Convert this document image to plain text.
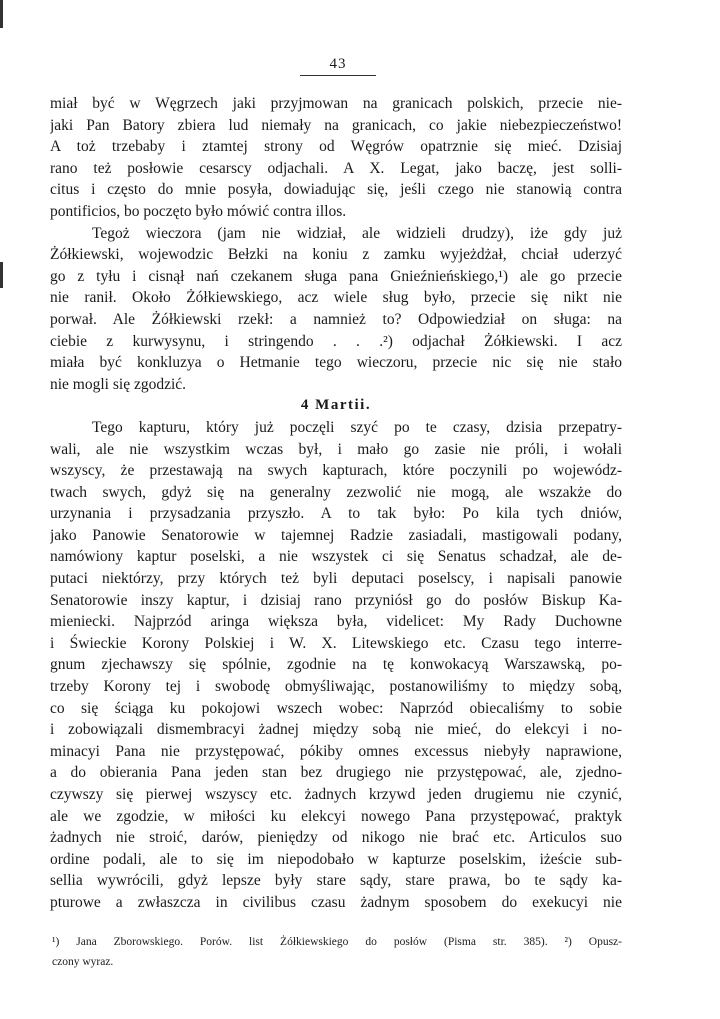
43
miał być w Węgrzech jaki przyjmowan na granicach polskich, przecie nie-
jaki Pan Batory zbiera lud niemały na granicach, co jakie niebezpieczeństwo!
A toż trzebaby i ztamtej strony od Węgrów opatrznie się mieć. Dzisiaj
rano też posłowie cesarscy odjachali. A X. Legat, jako baczę, jest solli-
citus i często do mnie posyła, dowiadując się, jeśli czego nie stanowią contra
pontificios, bo poczęto było mówić contra illos.
Tegoż wieczora (jam nie widział, ale widzieli drudzy), iże gdy już
Żółkiewski, wojewodzic Bełzki na koniu z zamku wyjeżdżał, chciał uderzyć
go z tyłu i cisnął nań czekanem sługa pana Gnieźnieńskiego,¹) ale go przecie
nie ranił. Około Żółkiewskiego, acz wiele sług było, przecie się nikt nie
porwał. Ale Żółkiewski rzekł: a namnież to? Odpowiedział on sługa: na
ciebie z kurwysynu, i stringendo . . .²) odjachał Żółkiewski. I acz
miała być konkluzya o Hetmanie tego wieczoru, przecie nic się nie stało
nie mogli się zgodzić.
4 Martii.
Tego kapturu, który już poczęli szyć po te czasy, dzisia przepatry-
wali, ale nie wszystkim wczas był, i mało go zasie nie próli, i wołali
wszyscy, że przestawają na swych kapturach, które poczynili po wojewódz-
twach swych, gdyż się na generalny zezwolić nie mogą, ale wszakże do
urzynania i przysadzania przyszło. A to tak było: Po kila tych dniów,
jako Panowie Senatorowie w tajemnej Radzie zasiadali, mastigowali podany,
namówiony kaptur poselski, a nie wszystek ci się Senatus schadzał, ale de-
putaci niektórzy, przy których też byli deputaci poselscy, i napisali panowie
Senatorowie inszy kaptur, i dzisiaj rano przyniósł go do posłów Biskup Ka-
mieniecki. Najprzód aringa większa była, videlicet: My Rady Duchowne
i Świeckie Korony Polskiej i W. X. Litewskiego etc. Czasu tego interre-
gnum zjechawszy się spólnie, zgodnie na tę konwokacyą Warszawską, po-
trzeby Korony tej i swobodę obmyśliwając, postanowiliśmy to między sobą,
co się ściąga ku pokojowi wszech wobec: Naprzód obiecaliśmy to sobie
i zobowiązali dismembracyi żadnej między sobą nie mieć, do elekcyi i no-
minacyi Pana nie przystępować, pókiby omnes excessus niebyły naprawione,
a do obierania Pana jeden stan bez drugiego nie przystępować, ale, zjedno-
czywszy się pierwej wszyscy etc. żadnych krzywd jeden drugiemu nie czynić,
ale we zgodzie, w miłości ku elekcyi nowego Pana przystępować, praktyk
żadnych nie stroić, darów, pieniędzy od nikogo nie brać etc. Articulos suo
ordine podali, ale to się im niepodobało w kapturze poselskim, iżeście sub-
sellia wywrócili, gdyż lepsze były stare sądy, stare prawa, bo te sądy ka-
pturowe a zwłaszcza in civilibus czasu żadnym sposobem do exekucyi nie
¹) Jana Zborowskiego. Porów. list Żółkiewskiego do posłów (Pisma str. 385). ²) Opusz-
czony wyraz.
